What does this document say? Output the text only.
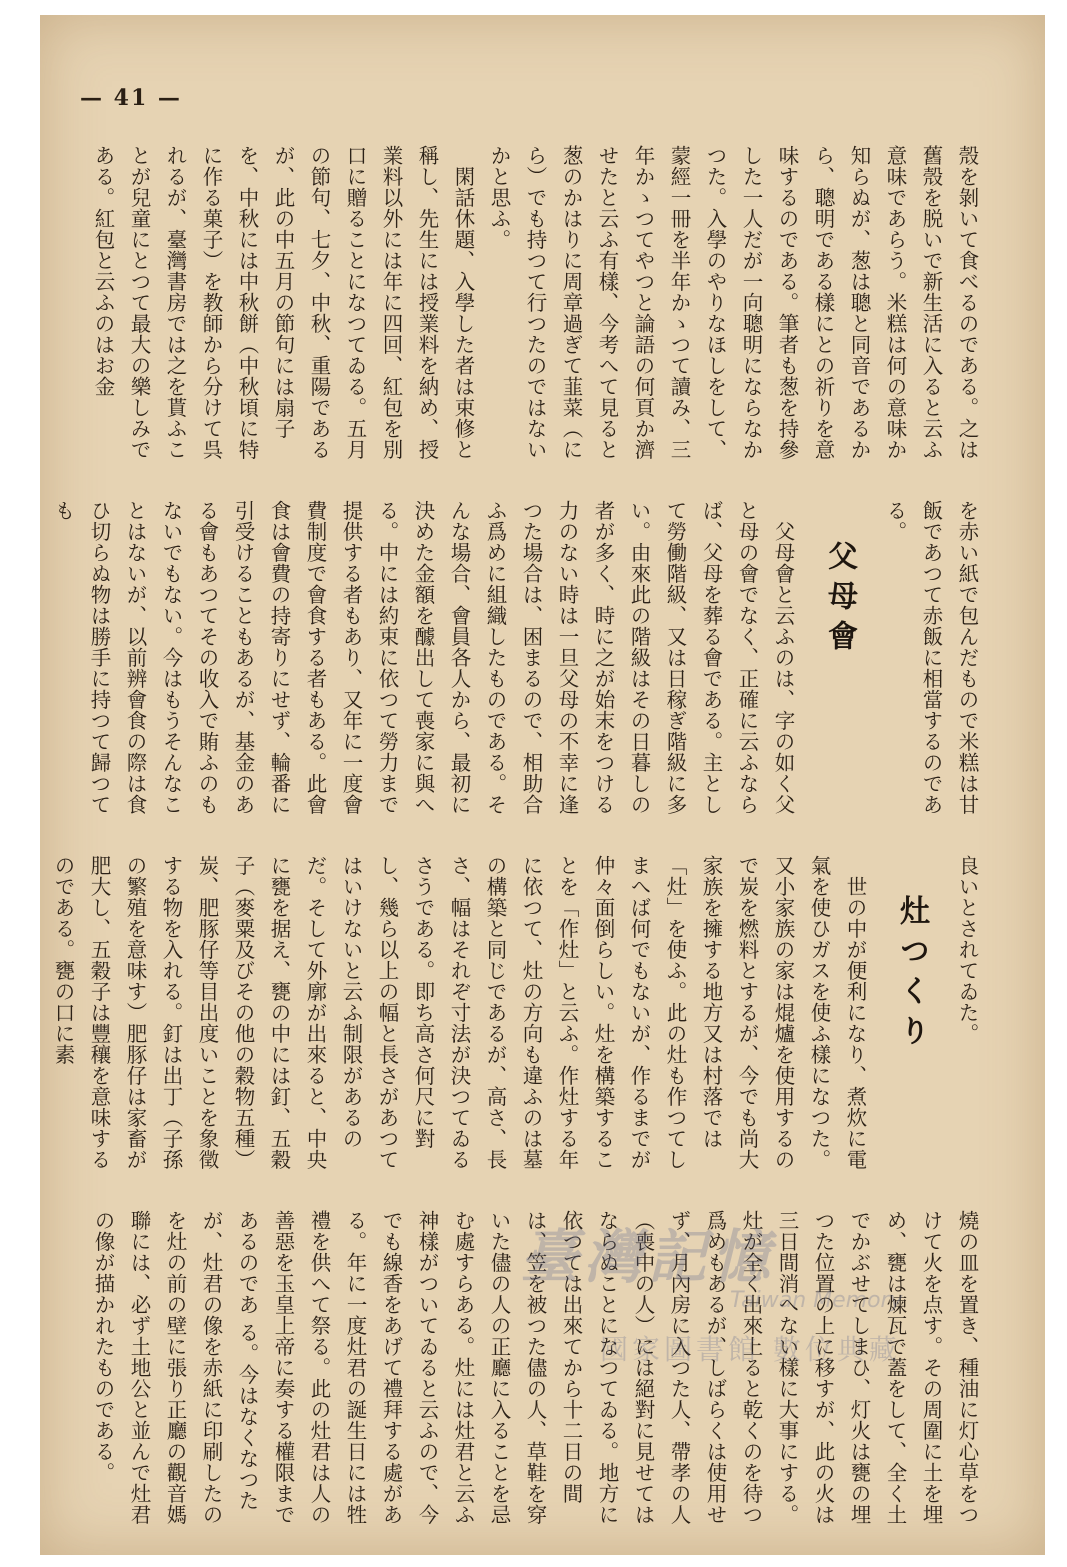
— 41 —

殼を剝いて食べるのである。之は舊殼を脱いで新生活に入ると云ふ意味であらう。米糕は何の意味か知らぬが、葱は聰と同音であるから、聰明である樣にとの祈りを意味するのである。筆者も葱を持參した一人だが一向聰明にならなかつた。入學のやりなほしをして、蒙經一冊を半年かゝつて讀み、三年かゝつてやつと論語の何頁か濟せたと云ふ有樣、今考へて見ると葱のかはりに周章過ぎて韮菜（にら）でも持つて行つたのではないかと思ふ。

閑話休題、入學した者は束修と稱し、先生には授業料を納め、授業料以外には年に四回、紅包を別口に贈ることになつてゐる。五月の節句、七夕、中秋、重陽であるが、此の中五月の節句には扇子を、中秋には中秋餅（中秋頃に特に作る菓子）を教師から分けて呉れるが、臺灣書房では之を貰ふことが兒童にとつて最大の樂しみである。紅包と云ふのはお金

を赤い紙で包んだもので米糕は甘飯であつて赤飯に相當するのである。

父母會

父母會と云ふのは、字の如く父と母の會でなく、正確に云ふならば、父母を葬る會である。主として勞働階級、又は日稼ぎ階級に多い。由來此の階級はその日暮しの者が多く、時に之が始末をつける力のない時は一旦父母の不幸に逢つた場合は、困まるので、相助合ふ爲めに組織したものである。そんな場合、會員各人から、最初に決めた金額を醵出して喪家に與へる。中には約束に依つて勞力まで提供する者もあり、又年に一度會費制度で會食する者もある。此會食は會費の持寄りにせず、輪番に引受けることもあるが、基金のある會もあつてその收入で賄ふのもないでもない。今はもうそんなことはないが、以前辨會食の際は食ひ切らぬ物は勝手に持つて歸つても

良いとされてゐた。

灶つくり

世の中が便利になり、煮炊に電氣を使ひガスを使ふ樣になつた。又小家族の家は焜爐を使用するので炭を燃料とするが、今でも尚大家族を擁する地方又は村落では「灶」を使ふ。此の灶も作つてしまへば何でもないが、作るまでが仲々面倒らしい。灶を構築することを「作灶」と云ふ。作灶する年に依つて、灶の方向も違ふのは墓の構築と同じであるが、高さ、長さ、幅はそれぞ寸法が決つてゐるさうである。即ち高さ何尺に對し、幾ら以上の幅と長さがあつてはいけないと云ふ制限があるのだ。そして外廓が出來ると、中央に甕を据え、甕の中には釘、五穀子（麥粟及びその他の穀物五種）炭、肥豚仔等目出度いことを象徵する物を入れる。釘は出丁（子孫の繁殖を意味す）肥豚仔は家畜が肥大し、五穀子は豐穰を意味するのである。甕の口に素

燒の皿を置き、種油に灯心草をつけて火を点す。その周圍に土を埋め、甕は煉瓦で蓋をして、全く土でかぶせてしまひ、灯火は甕の埋つた位置の上に移すが、此の火は三日間消へない樣に大事にする。灶が全く出來上ると乾くのを待つ爲めもあるが、しばらくは使用せず、月內房に入つた人、帶孝の人（喪中の人）には絕對に見せてはならぬことになつてゐる。地方に依つては出來てから十二日の間は、笠を被つた儘の人、草鞋を穿いた儘の人の正廳に入ることを忌む處すらある。灶には灶君と云ふ神樣がついてゐると云ふので、今でも線香をあげて禮拜する處がある。年に一度灶君の誕生日には牲禮を供へて祭る。此の灶君は人の善惡を玉皇上帝に奏する權限まであるのであ る。今はなくなつたが、灶君の像を赤紙に印刷したのを灶の前の壁に張り正廳の觀音媽聯には、必ず土地公と並んで灶君の像が描かれたものである。	臺灣記憶
Taiwan Memory
國家圖書館 數位典藏
